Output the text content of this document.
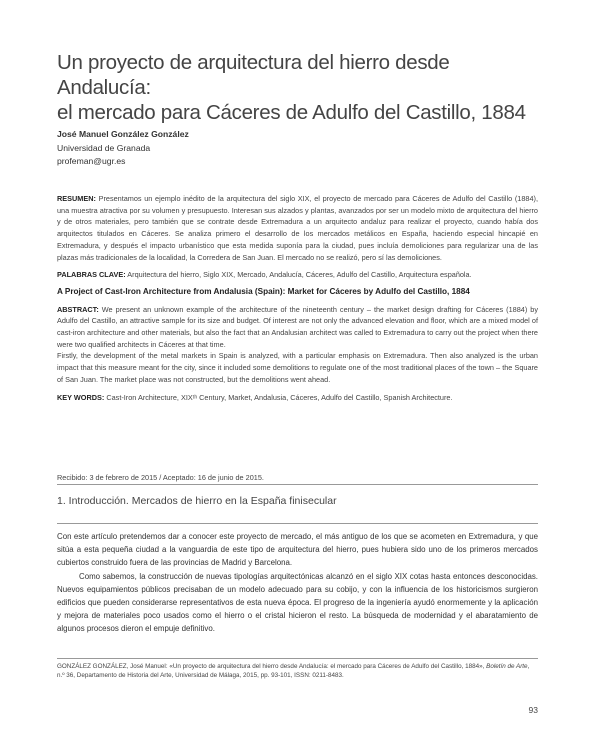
Un proyecto de arquitectura del hierro desde Andalucía:
el mercado para Cáceres de Adulfo del Castillo, 1884
José Manuel González González
Universidad de Granada
profeman@ugr.es

RESUMEN: Presentamos un ejemplo inédito de la arquitectura del siglo XIX, el proyecto de mercado para Cáceres de Adulfo del Castillo (1884), una muestra atractiva por su volumen y presupuesto. Interesan sus alzados y plantas, avanzados por ser un modelo mixto de arquitectura del hierro y de otros materiales, pero también que se contrate desde Extremadura a un arquitecto andaluz para realizar el proyecto, cuando había dos arquitectos titulados en Cáceres. Se analiza primero el desarrollo de los mercados metálicos en España, haciendo especial hincapié en Extremadura, y después el impacto urbanístico que esta medida suponía para la ciudad, pues incluía demoliciones para regularizar una de las plazas más tradicionales de la localidad, la Corredera de San Juan. El mercado no se realizó, pero sí las demoliciones.

PALABRAS CLAVE: Arquitectura del hierro, Siglo XIX, Mercado, Andalucía, Cáceres, Adulfo del Castillo, Arquitectura española.

A Project of Cast-Iron Architecture from Andalusia (Spain): Market for Cáceres by Adulfo del Castillo, 1884

ABSTRACT: We present an unknown example of the architecture of the nineteenth century – the market design drafting for Cáceres (1884) by Adulfo del Castillo, an attractive sample for its size and budget. Of interest are not only the advanced elevation and floor, which are a mixed model of cast-iron architecture and other materials, but also the fact that an Andalusian architect was called to Extremadura to carry out the project when there were two qualified architects in Cáceres at that time.

Firstly, the development of the metal markets in Spain is analyzed, with a particular emphasis on Extremadura. Then also analyzed is the urban impact that this measure meant for the city, since it included some demolitions to regulate one of the most traditional places of the town – the Square of San Juan. The market place was not constructed, but the demolitions went ahead.

KEY WORDS: Cast-Iron Architecture, XIXᵗʰ Century, Market, Andalusia, Cáceres, Adulfo del Castillo, Spanish Architecture.

Recibido: 3 de febrero de 2015 / Aceptado: 16 de junio de 2015.
1. Introducción. Mercados de hierro en la España finisecular

Con este artículo pretendemos dar a conocer este proyecto de mercado, el más antiguo de los que se acometen en Extremadura, y que sitúa a esta pequeña ciudad a la vanguardia de este tipo de arquitectura del hierro, pues hubiera sido uno de los primeros mercados cubiertos construido fuera de las provincias de Madrid y Barcelona.

Como sabemos, la construcción de nuevas tipologías arquitectónicas alcanzó en el siglo XIX cotas hasta entonces desconocidas. Nuevos equipamientos públicos precisaban de un modelo adecuado para su cobijo, y con la influencia de los historicismos surgieron edificios que pueden considerarse representativos de esta nueva época. El progreso de la ingeniería ayudó enormemente y la aplicación y mejora de materiales poco usados como el hierro o el cristal hicieron el resto. La búsqueda de modernidad y el abaratamiento de algunos procesos dieron el empuje definitivo.

GONZÁLEZ GONZÁLEZ, José Manuel: «Un proyecto de arquitectura del hierro desde Andalucía: el mercado para Cáceres de Adulfo del Castillo, 1884», Boletín de Arte, n.º 36, Departamento de Historia del Arte, Universidad de Málaga, 2015, pp. 93-101, ISSN: 0211-8483.
93
